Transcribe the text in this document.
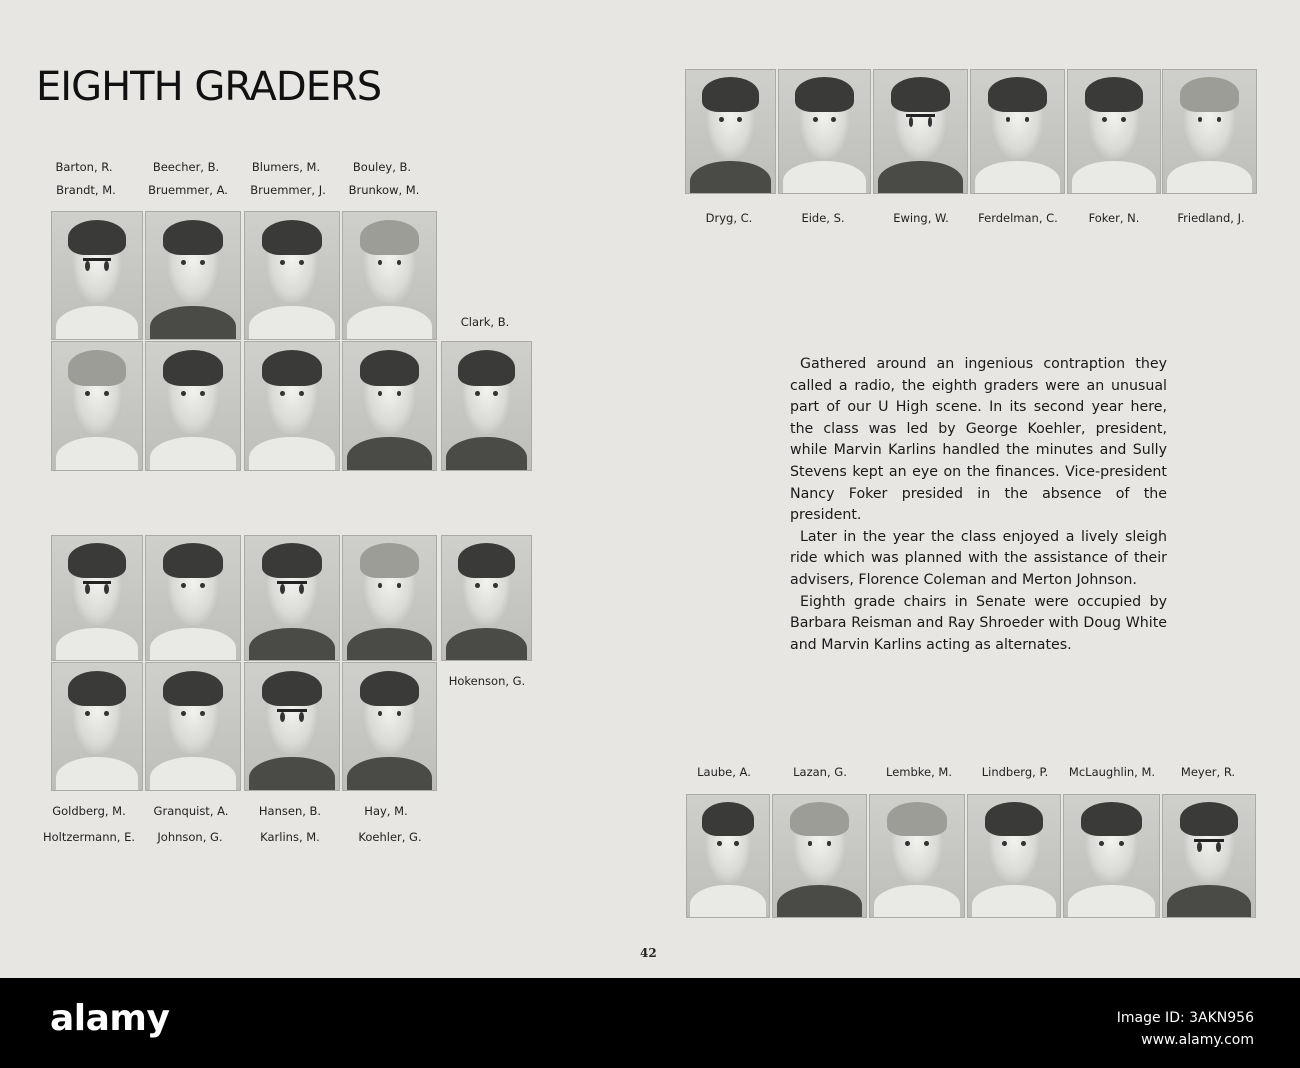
EIGHTH GRADERS
Barton, R.	Beecher, B.	Blumers, M.	Bouley, B.
Brandt, M.	Bruemmer, A. Bruemmer, J. Brunkow, M.
Clark, B.
Hokenson, G.
Goldberg, M. Granquist, A.	Hansen, B.	Hay, M.
Holtzermann, E. Johnson, G.	Karlins, M.	Koehler, G.
Dryg, C.	Eide, S.	Ewing, W.	Ferdelman, C.	Foker, N.	Friedland, J.

Gathered around an ingenious contraption they called a radio, the eighth graders were an unusual part of our U High scene. In its second year here, the class was led by George Koehler, president, while Marvin Karlins handled the minutes and Sully Stevens kept an eye on the finances. Vice-president Nancy Foker presided in the absence of the president.

Later in the year the class enjoyed a lively sleigh ride which was planned with the assistance of their advisers, Florence Coleman and Merton Johnson.

Eighth grade chairs in Senate were occupied by Barbara Reisman and Ray Shroeder with Doug White and Marvin Karlins acting as alternates.

Laube, A.	Lazan, G.	Lembke, M.	Lindberg, P. McLaughlin, M. Meyer, R.
42
alamy	Image ID: 3AKN956
www.alamy.com
